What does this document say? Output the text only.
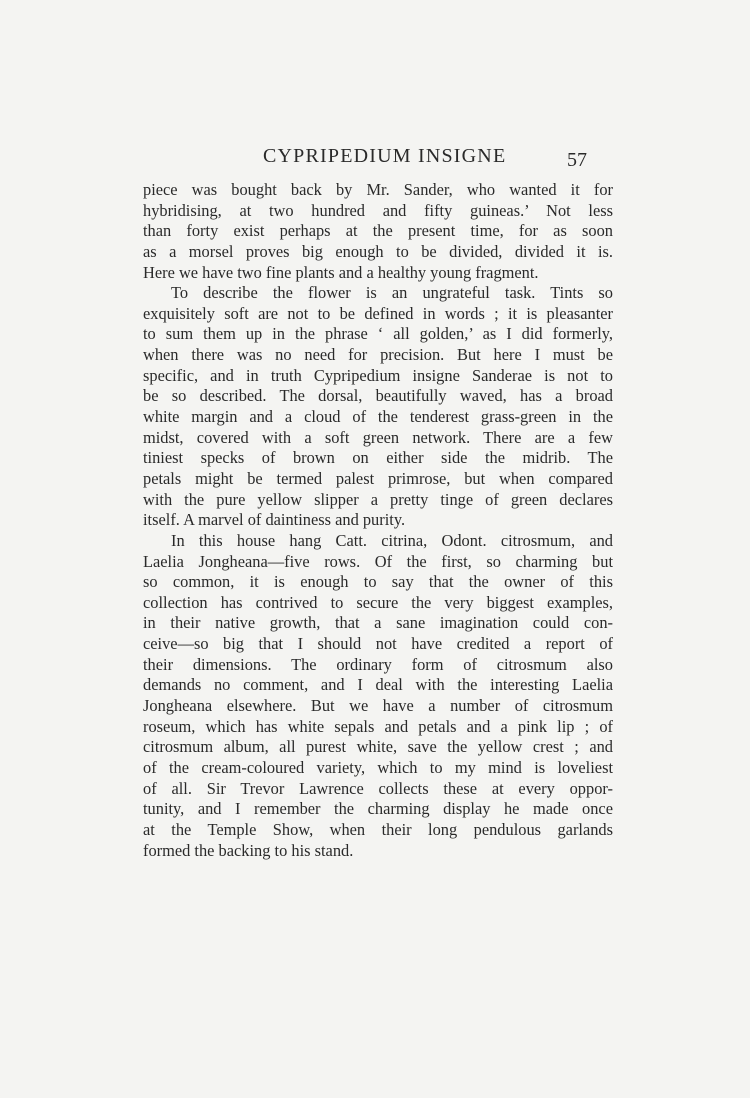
CYPRIPEDIUM INSIGNE	57
piece was bought back by Mr. Sander, who wanted it for
hybridising, at two hundred and fifty guineas.’ Not less
than forty exist perhaps at the present time, for as soon
as a morsel proves big enough to be divided, divided it is.
Here we have two fine plants and a healthy young fragment.
To describe the flower is an ungrateful task. Tints so
exquisitely soft are not to be defined in words ; it is pleasanter
to sum them up in the phrase ‘ all golden,’ as I did formerly,
when there was no need for precision. But here I must be
specific, and in truth Cypripedium insigne Sanderae is not to
be so described. The dorsal, beautifully waved, has a broad
white margin and a cloud of the tenderest grass-green in the
midst, covered with a soft green network. There are a few
tiniest specks of brown on either side the midrib. The
petals might be termed palest primrose, but when compared
with the pure yellow slipper a pretty tinge of green declares
itself. A marvel of daintiness and purity.
In this house hang Catt. citrina, Odont. citrosmum, and
Laelia Jongheana—five rows. Of the first, so charming but
so common, it is enough to say that the owner of this
collection has contrived to secure the very biggest examples,
in their native growth, that a sane imagination could con-
ceive—so big that I should not have credited a report of
their dimensions. The ordinary form of citrosmum also
demands no comment, and I deal with the interesting Laelia
Jongheana elsewhere. But we have a number of citrosmum
roseum, which has white sepals and petals and a pink lip ; of
citrosmum album, all purest white, save the yellow crest ; and
of the cream-coloured variety, which to my mind is loveliest
of all. Sir Trevor Lawrence collects these at every oppor-
tunity, and I remember the charming display he made once
at the Temple Show, when their long pendulous garlands
formed the backing to his stand.
